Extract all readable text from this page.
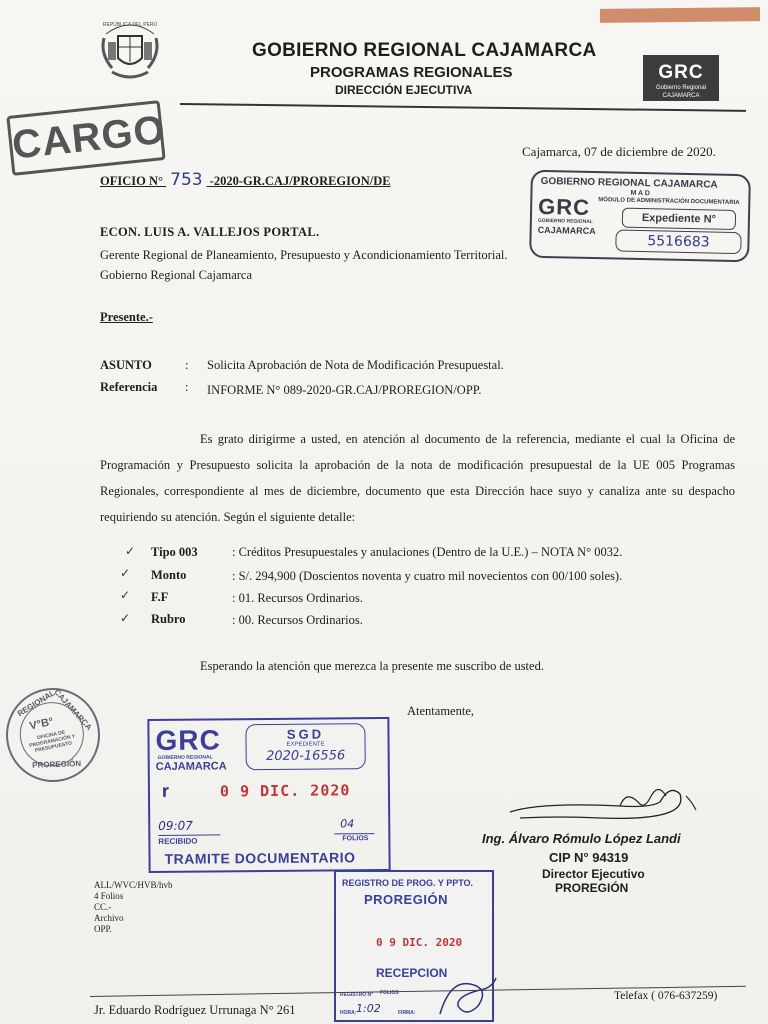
REPÚBLICA DEL PERÚ
GOBIERNO REGIONAL CAJAMARCA
PROGRAMAS REGIONALES
DIRECCIÓN EJECUTIVA
GRC
Gobierno Regional CAJAMARCA
CARGO	Cajamarca, 07 de diciembre de 2020.
OFICIO N° 753 -2020-GR.CAJ/PROREGION/DE	GOBIERNO REGIONAL CAJAMARCA
M A D
MÓDULO DE ADMINISTRACIÓN DOCUMENTARIA
GRC
GOBIERNO REGIONAL
CAJAMARCA
Expediente N°
5516683
ECON. LUIS A. VALLEJOS PORTAL.
Gerente Regional de Planeamiento, Presupuesto y Acondicionamiento Territorial.
Gobierno Regional Cajamarca
Presente.-
ASUNTO	: Solicita Aprobación de Nota de Modificación Presupuestal.
Referencia : INFORME N° 089-2020-GR.CAJ/PROREGION/OPP.
Es grato dirigirme a usted, en atención al documento de la referencia, mediante el cual la Oficina de Programación y Presupuesto solicita la aprobación de la nota de modificación presupuestal de la UE 005 Programas Regionales, correspondiente al mes de diciembre, documento que esta Dirección hace suyo y canaliza ante su despacho requiriendo su atención. Según el siguiente detalle:
✓ Tipo 003	: Créditos Presupuestales y anulaciones (Dentro de la U.E.) – NOTA N° 0032.
✓ Monto	: S/. 294,900 (Doscientos noventa y cuatro mil novecientos con 00/100 soles).
✓ F.F	: 01. Recursos Ordinarios.
✓ Rubro	: 00. Recursos Ordinarios.
Esperando la atención que merezca la presente me suscribo de usted.
Atentamente,
REGIONAL
CAJAMARCA
PROREGIÓN
V°B°
OFICINA DE PROGRAMACIÓN Y PRESUPUESTO	GRC
GOBIERNO REGIONAL
CAJAMARCA
SGD
EXPEDIENTE
2020-16556
r	0 9 DIC. 2020
09:07
RECIBIDO
04
FOLIOS
TRAMITE DOCUMENTARIO
REGISTRO DE PROG. Y PPTO.
PROREGIÓN
0 9 DIC. 2020
RECEPCION
REGISTRO N° FOLIOS
HORA: 1:02	FIRMA:
Ing. Álvaro Rómulo López Landi
CIP N° 94319
Director Ejecutivo
PROREGIÓN
ALL/WVC/HVB/hvb
4 Folios
CC.-
Archivo
OPP.
Jr. Eduardo Rodríguez Urrunaga N° 261
Telefax ( 076-637259)
